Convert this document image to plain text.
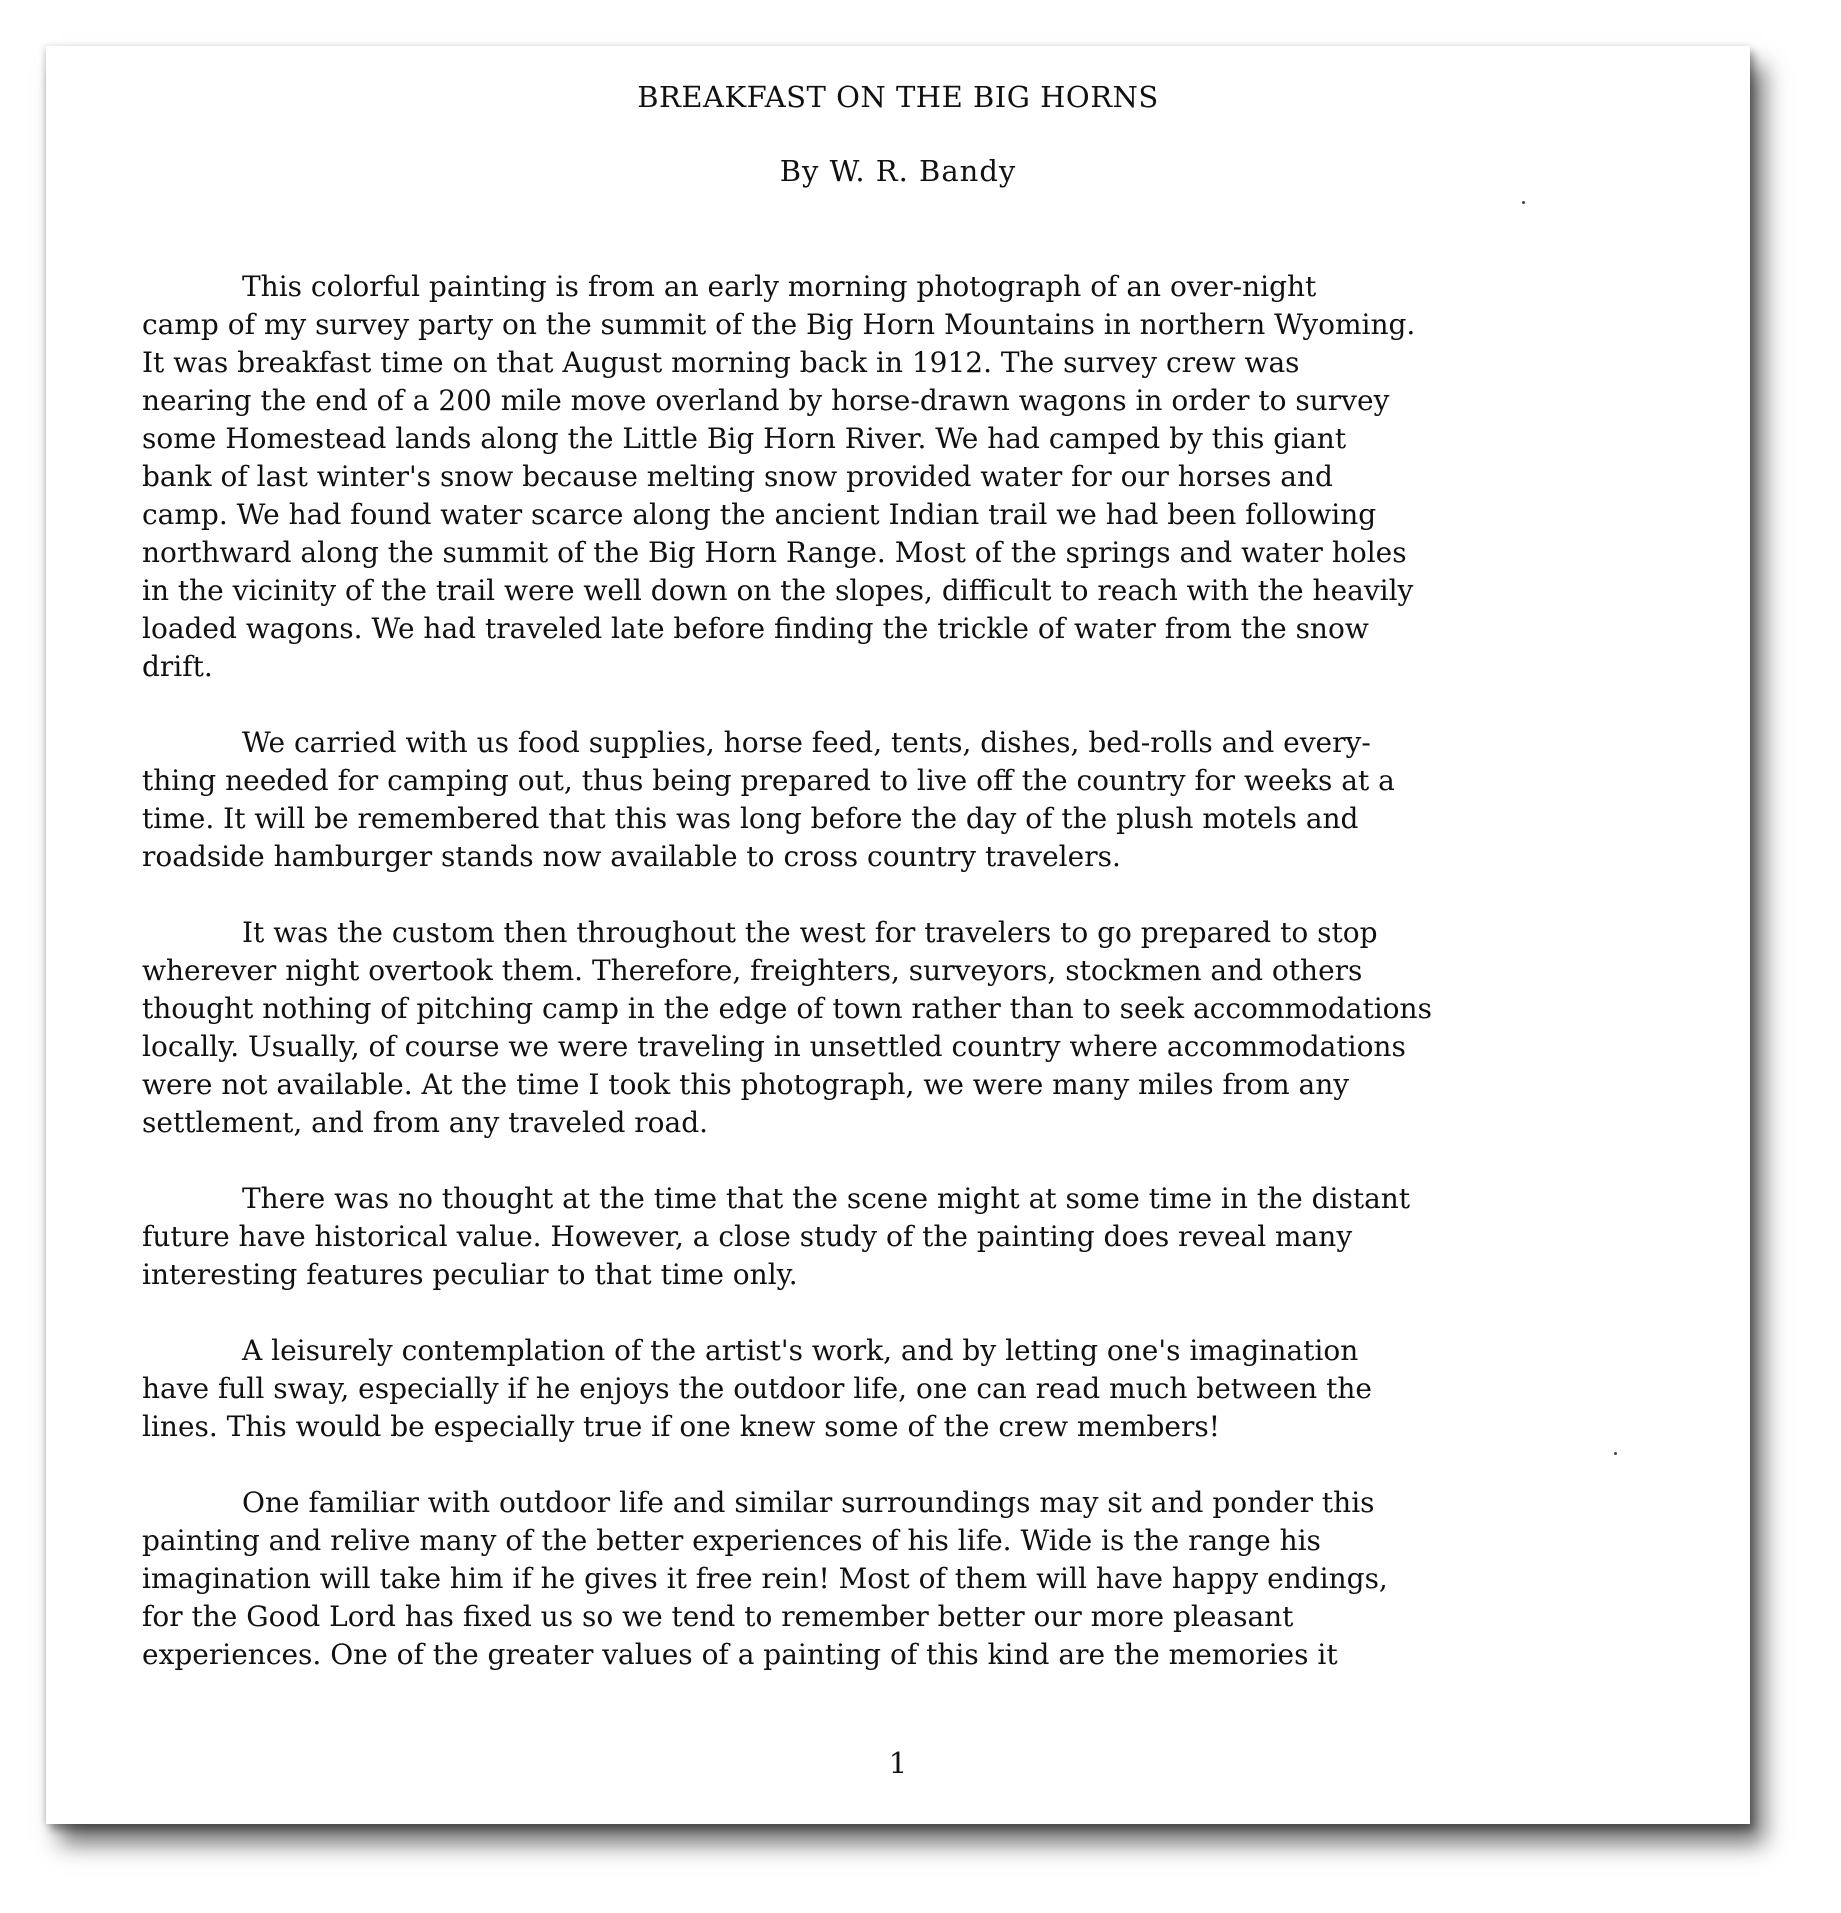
BREAKFAST ON THE BIG HORNS
By W. R. Bandy
This colorful painting is from an early morning photograph of an over-night
camp of my survey party on the summit of the Big Horn Mountains in northern Wyoming.
It was breakfast time on that August morning back in 1912. The survey crew was
nearing the end of a 200 mile move overland by horse-drawn wagons in order to survey
some Homestead lands along the Little Big Horn River. We had camped by this giant
bank of last winter's snow because melting snow provided water for our horses and
camp. We had found water scarce along the ancient Indian trail we had been following
northward along the summit of the Big Horn Range. Most of the springs and water holes
in the vicinity of the trail were well down on the slopes, difficult to reach with the heavily
loaded wagons. We had traveled late before finding the trickle of water from the snow
drift.
We carried with us food supplies, horse feed, tents, dishes, bed-rolls and every-
thing needed for camping out, thus being prepared to live off the country for weeks at a
time. It will be remembered that this was long before the day of the plush motels and
roadside hamburger stands now available to cross country travelers.
It was the custom then throughout the west for travelers to go prepared to stop
wherever night overtook them. Therefore, freighters, surveyors, stockmen and others
thought nothing of pitching camp in the edge of town rather than to seek accommodations
locally. Usually, of course we were traveling in unsettled country where accommodations
were not available. At the time I took this photograph, we were many miles from any
settlement, and from any traveled road.
There was no thought at the time that the scene might at some time in the distant
future have historical value. However, a close study of the painting does reveal many
interesting features peculiar to that time only.
A leisurely contemplation of the artist's work, and by letting one's imagination
have full sway, especially if he enjoys the outdoor life, one can read much between the
lines. This would be especially true if one knew some of the crew members!
One familiar with outdoor life and similar surroundings may sit and ponder this
painting and relive many of the better experiences of his life. Wide is the range his
imagination will take him if he gives it free rein! Most of them will have happy endings,
for the Good Lord has fixed us so we tend to remember better our more pleasant
experiences. One of the greater values of a painting of this kind are the memories it
1
